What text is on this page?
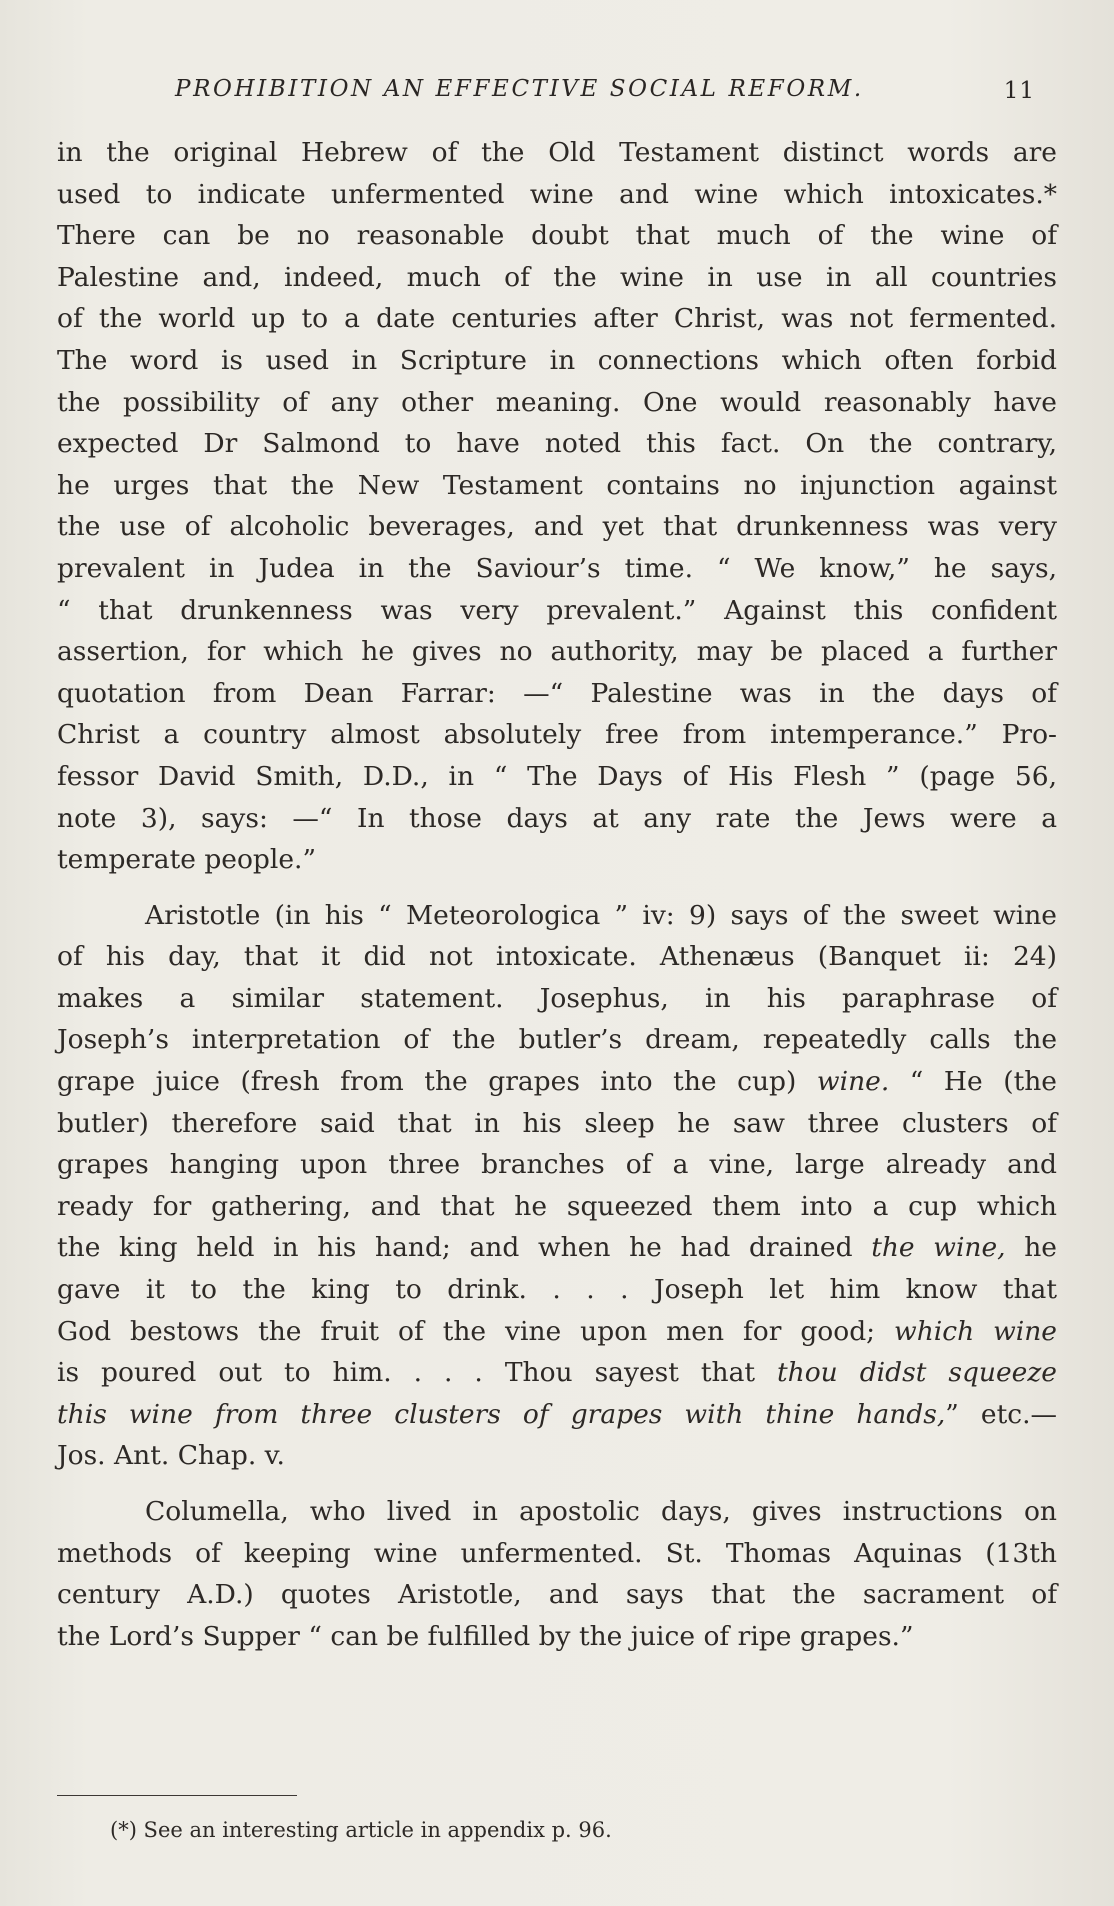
PROHIBITION AN EFFECTIVE SOCIAL REFORM.	11
in the original Hebrew of the Old Testament distinct words are
used to indicate unfermented wine and wine which intoxicates.*
There can be no reasonable doubt that much of the wine of
Palestine and, indeed, much of the wine in use in all countries
of the world up to a date centuries after Christ, was not fermented.
The word is used in Scripture in connections which often forbid
the possibility of any other meaning. One would reasonably have
expected Dr Salmond to have noted this fact. On the contrary,
he urges that the New Testament contains no injunction against
the use of alcoholic beverages, and yet that drunkenness was very
prevalent in Judea in the Saviour’s time. “ We know,” he says,
“ that drunkenness was very prevalent.” Against this confident
assertion, for which he gives no authority, may be placed a further
quotation from Dean Farrar: —“ Palestine was in the days of
Christ a country almost absolutely free from intemperance.” Pro-
fessor David Smith, D.D., in “ The Days of His Flesh ” (page 56,
note 3), says: —“ In those days at any rate the Jews were a
temperate people.”
Aristotle (in his “ Meteorologica ” iv: 9) says of the sweet wine
of his day, that it did not intoxicate. Athenæus (Banquet ii: 24)
makes a similar statement. Josephus, in his paraphrase of
Joseph’s interpretation of the butler’s dream, repeatedly calls the
grape juice (fresh from the grapes into the cup) wine. “ He (the
butler) therefore said that in his sleep he saw three clusters of
grapes hanging upon three branches of a vine, large already and
ready for gathering, and that he squeezed them into a cup which
the king held in his hand; and when he had drained the wine, he
gave it to the king to drink. . . . Joseph let him know that
God bestows the fruit of the vine upon men for good; which wine
is poured out to him. . . . Thou sayest that thou didst squeeze
this wine from three clusters of grapes with thine hands,” etc.—
Jos. Ant. Chap. v.
Columella, who lived in apostolic days, gives instructions on
methods of keeping wine unfermented. St. Thomas Aquinas (13th
century A.D.) quotes Aristotle, and says that the sacrament of
the Lord’s Supper “ can be fulfilled by the juice of ripe grapes.”
(*) See an interesting article in appendix p. 96.
